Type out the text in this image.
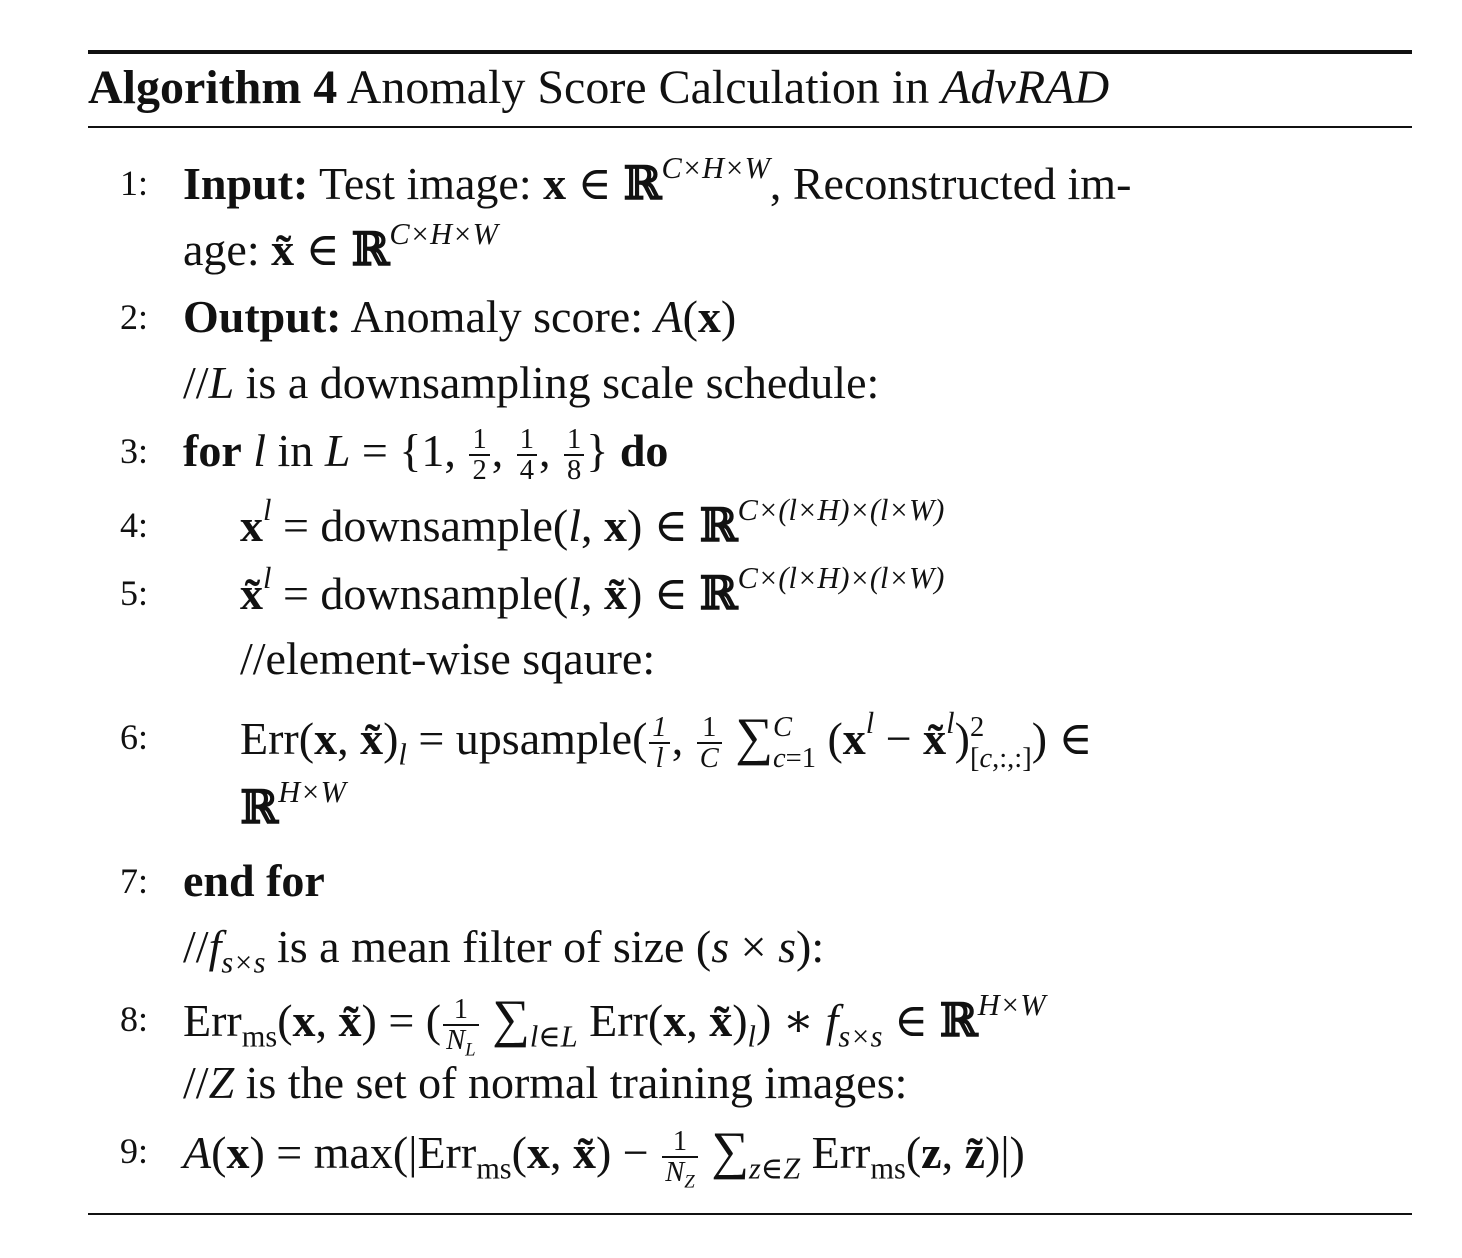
Algorithm 4 Anomaly Score Calculation in AdvRAD
1: Input: Test image: x ∈ ℝ$^{C\times H\times W}$, Reconstructed im-
age: x̃ ∈ ℝ$^{C\times H\times W}$
2: Output: Anomaly score: A(x)
//L is a downsampling scale schedule:
3: for l in L = {1, $\frac{1}{2}$ , $\frac{1}{4}$ , $\frac{1}{8}$ } do
4: $x^l$ = downsample(l, x) ∈ ℝ$^{C\times(l\times H)\times(l\times W)}$
5: x̃$^l$ = downsample(l, x̃) ∈ ℝ$^{C\times(l\times H)\times(l\times W)}$
//element-wise sqaure:
6: Err(x, $x̃)_l$ = upsample( $\frac{1}{l}$ , $\frac{1}{C}$ ∑ C
c=1 ($x^l$ − x̃$^l$) 2
[c,:,:] ) ∈
ℝ$^{H\times W}$
7: end for
$//f_{s\times s}$ is a mean filter of size (s × s):
8: Err$_{ms}$(x, x̃) = ( $\frac{1}{N_L} \sum_{l\in L}$ Err(x, $x̃)_l$) ∗ $f_{s\times s}$ ∈ ℝ$^{H\times W}$
//Z is the set of normal training images:
9: A(x) = max(|Err$_{ms}$(x, x̃) − $\frac{1}{N_Z} \sum_{z\in Z}$ Err$_{ms}$(z, z̃)|)
